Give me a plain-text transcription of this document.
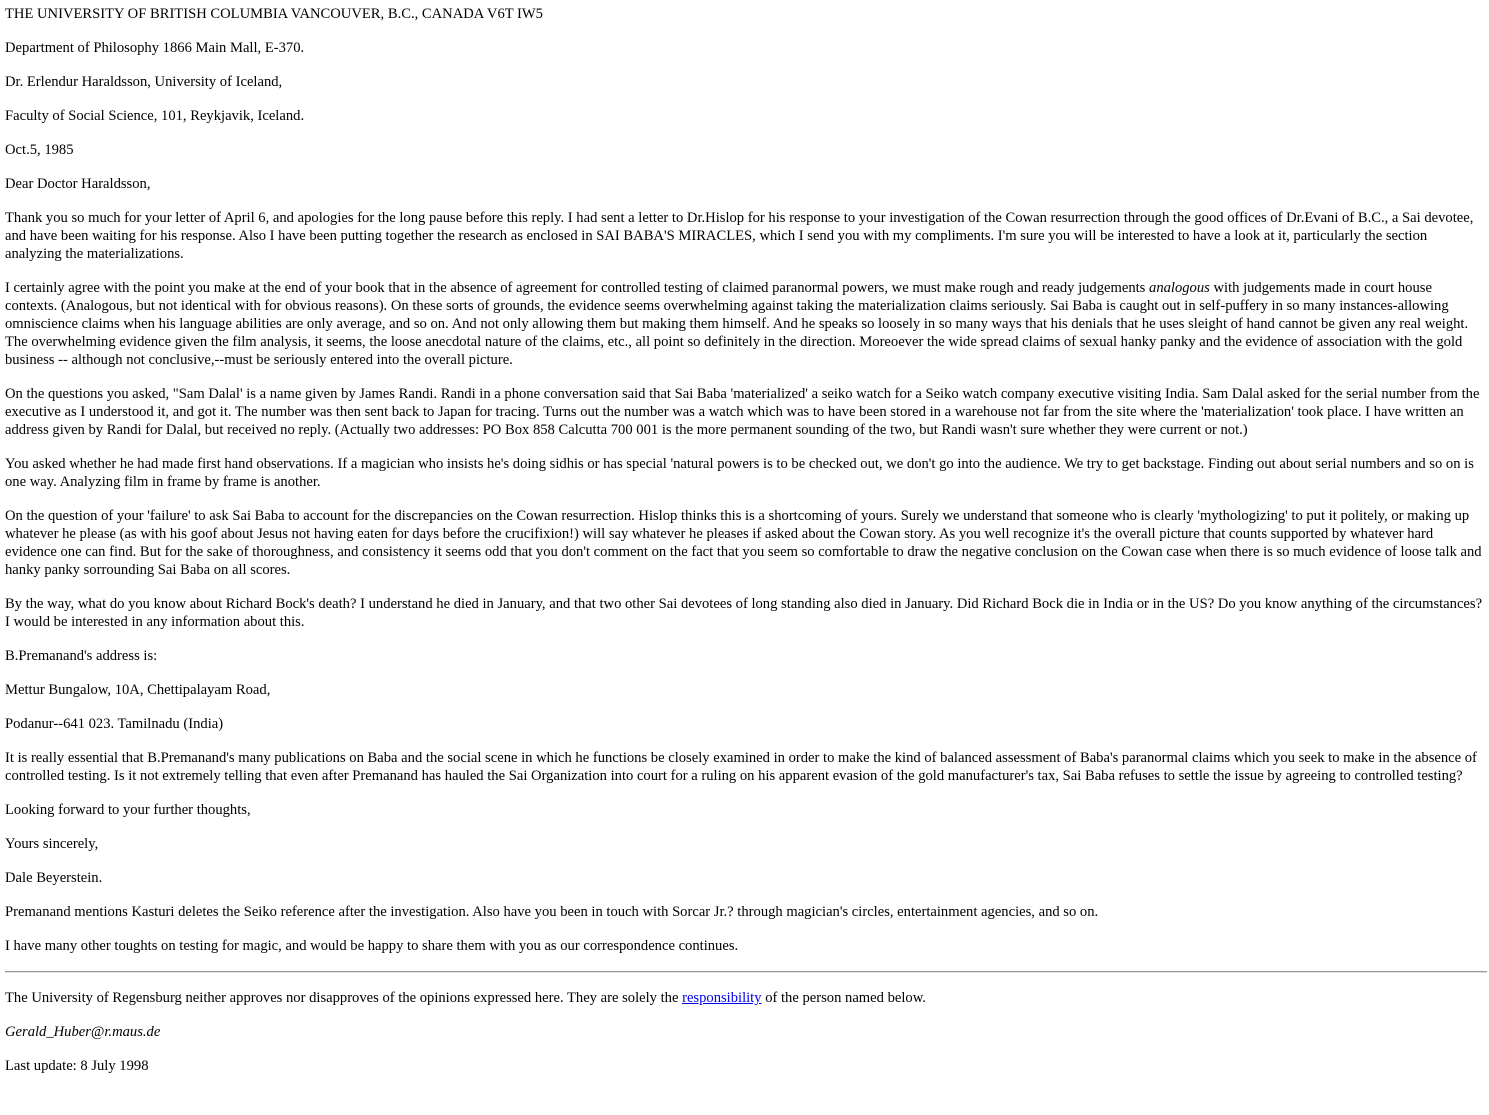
THE UNIVERSITY OF BRITISH COLUMBIA VANCOUVER, B.C., CANADA V6T IW5

Department of Philosophy 1866 Main Mall, E-370.

Dr. Erlendur Haraldsson, University of Iceland,

Faculty of Social Science, 101, Reykjavik, Iceland.

Oct.5, 1985

Dear Doctor Haraldsson,

Thank you so much for your letter of April 6, and apologies for the long pause before this reply. I had sent a letter to Dr.Hislop for his response to your investigation of the Cowan resurrection through the good offices of Dr.Evani of B.C., a Sai devotee, and have been waiting for his response. Also I have been putting together the research as enclosed in SAI BABA'S MIRACLES, which I send you with my compliments. I'm sure you will be interested to have a look at it, particularly the section analyzing the materializations.

I certainly agree with the point you make at the end of your book that in the absence of agreement for controlled testing of claimed paranormal powers, we must make rough and ready judgements analogous with judgements made in court house contexts. (Analogous, but not identical with for obvious reasons). On these sorts of grounds, the evidence seems overwhelming against taking the materialization claims seriously. Sai Baba is caught out in self-puffery in so many instances-allowing omniscience claims when his language abilities are only average, and so on. And not only allowing them but making them himself. And he speaks so loosely in so many ways that his denials that he uses sleight of hand cannot be given any real weight. The overwhelming evidence given the film analysis, it seems, the loose anecdotal nature of the claims, etc., all point so definitely in the direction. Moreoever the wide spread claims of sexual hanky panky and the evidence of association with the gold business -- although not conclusive,--must be seriously entered into the overall picture.

On the questions you asked, "Sam Dalal' is a name given by James Randi. Randi in a phone conversation said that Sai Baba 'materialized' a seiko watch for a Seiko watch company executive visiting India. Sam Dalal asked for the serial number from the executive as I understood it, and got it. The number was then sent back to Japan for tracing. Turns out the number was a watch which was to have been stored in a warehouse not far from the site where the 'materialization' took place. I have written an address given by Randi for Dalal, but received no reply. (Actually two addresses: PO Box 858 Calcutta 700 001 is the more permanent sounding of the two, but Randi wasn't sure whether they were current or not.)

You asked whether he had made first hand observations. If a magician who insists he's doing sidhis or has special 'natural powers is to be checked out, we don't go into the audience. We try to get backstage. Finding out about serial numbers and so on is one way. Analyzing film in frame by frame is another.

On the question of your 'failure' to ask Sai Baba to account for the discrepancies on the Cowan resurrection. Hislop thinks this is a shortcoming of yours. Surely we understand that someone who is clearly 'mythologizing' to put it politely, or making up whatever he please (as with his goof about Jesus not having eaten for days before the crucifixion!) will say whatever he pleases if asked about the Cowan story. As you well recognize it's the overall picture that counts supported by whatever hard evidence one can find. But for the sake of thoroughness, and consistency it seems odd that you don't comment on the fact that you seem so comfortable to draw the negative conclusion on the Cowan case when there is so much evidence of loose talk and hanky panky sorrounding Sai Baba on all scores.

By the way, what do you know about Richard Bock's death? I understand he died in January, and that two other Sai devotees of long standing also died in January. Did Richard Bock die in India or in the US? Do you know anything of the circumstances? I would be interested in any information about this.

B.Premanand's address is:

Mettur Bungalow, 10A, Chettipalayam Road,

Podanur--641 023. Tamilnadu (India)

It is really essential that B.Premanand's many publications on Baba and the social scene in which he functions be closely examined in order to make the kind of balanced assessment of Baba's paranormal claims which you seek to make in the absence of controlled testing. Is it not extremely telling that even after Premanand has hauled the Sai Organization into court for a ruling on his apparent evasion of the gold manufacturer's tax, Sai Baba refuses to settle the issue by agreeing to controlled testing?

Looking forward to your further thoughts,

Yours sincerely,

Dale Beyerstein.

Premanand mentions Kasturi deletes the Seiko reference after the investigation. Also have you been in touch with Sorcar Jr.? through magician's circles, entertainment agencies, and so on.

I have many other toughts on testing for magic, and would be happy to share them with you as our correspondence continues.

The University of Regensburg neither approves nor disapproves of the opinions expressed here. They are solely the responsibility of the person named below.

Gerald_Huber@r.maus.de

Last update: 8 July 1998
